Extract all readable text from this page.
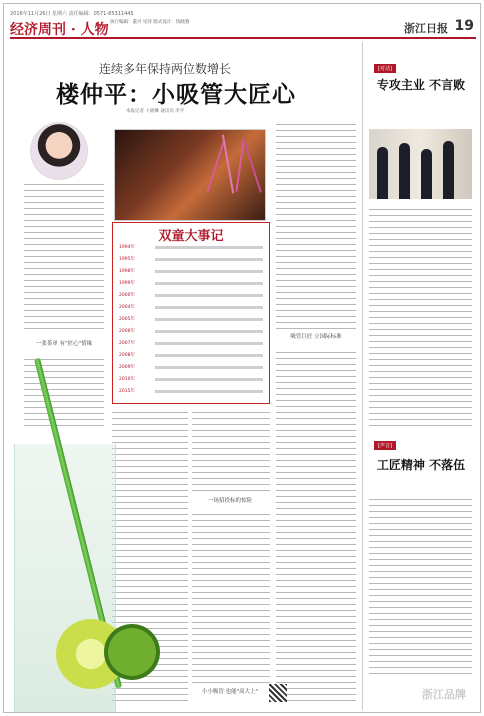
2016年11月26日 星期六 责任编辑：0571-85311445
经济周刊 · 人物 执行编辑：董丹 见萍 版式设计：钱晓燕	浙江日报 19
连续多年保持两位数增长
楼仲平：小吸管大匠心
本报记者 卜晓琳 通讯员 李平
双童大事记
1994年
1995年
1998年
1999年
2000年
2004年
2005年
2006年
2007年
2008年
2009年
2010年
2015年
一张茶单 有"匠心"情缘
一场招投标的惊险
小小吸管 也能"高大上"
吸管巨匠 立国际标准
[对话]
专攻主业 不言败
[声音]
工匠精神 不落伍
浙江品牌
